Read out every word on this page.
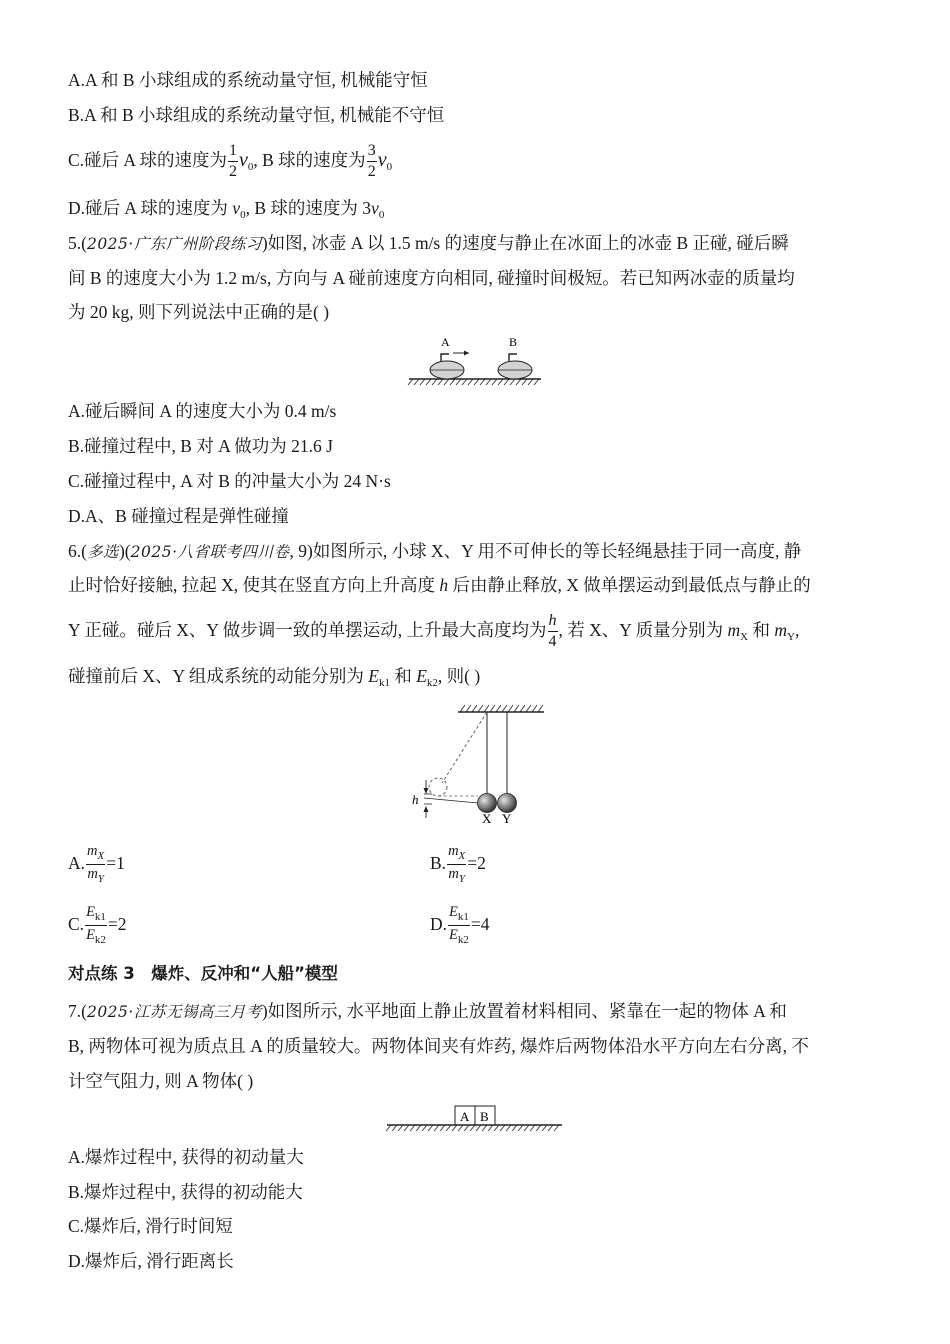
A.A 和 B 小球组成的系统动量守恒, 机械能守恒
B.A 和 B 小球组成的系统动量守恒, 机械能不守恒
C.碰后 A 球的速度为 $\frac{1}{2} v_0$, B 球的速度为 $\frac{3}{2} v_0$
D.碰后 A 球的速度为 $v_0$, B 球的速度为 $3v_0$
5.(2025·广东广州阶段练习)如图, 冰壶 A 以 1.5 m/s 的速度与静止在冰面上的冰壶 B 正碰, 碰后瞬
间 B 的速度大小为 1.2 m/s, 方向与 A 碰前速度方向相同, 碰撞时间极短。若已知两冰壶的质量均
为 20 kg, 则下列说法中正确的是( )
A	B
A.碰后瞬间 A 的速度大小为 0.4 m/s
B.碰撞过程中, B 对 A 做功为 21.6 J
C.碰撞过程中, A 对 B 的冲量大小为 24 N·s
D.A、B 碰撞过程是弹性碰撞
6.(多选)(2025·八省联考四川卷, 9)如图所示, 小球 X、Y 用不可伸长的等长轻绳悬挂于同一高度, 静
止时恰好接触, 拉起 X, 使其在竖直方向上升高度 h 后由静止释放, X 做单摆运动到最低点与静止的
Y 正碰。碰后 X、Y 做步调一致的单摆运动, 上升最大高度均为 $\frac{h}{4}$ , 若 X、Y 质量分别为 $m_X$ 和 $m_Y$,
碰撞前后 X、Y 组成系统的动能分别为 $E_{k1}$ 和 $E_{k2}$, 则( )
h
X Y
A. $\frac{m_X}{m_Y} =1$	B. $\frac{m_X}{m_Y} =2$
C. $\frac{E_{k1}}{E_{k2}} =2$	D. $\frac{E_{k1}}{E_{k2}} =4$
对点练 3　爆炸、反冲和“人船”模型
7.(2025·江苏无锡高三月考)如图所示, 水平地面上静止放置着材料相同、紧靠在一起的物体 A 和
B, 两物体可视为质点且 A 的质量较大。两物体间夹有炸药, 爆炸后两物体沿水平方向左右分离, 不
计空气阻力, 则 A 物体( )
A B
A.爆炸过程中, 获得的初动量大
B.爆炸过程中, 获得的初动能大
C.爆炸后, 滑行时间短
D.爆炸后, 滑行距离长
